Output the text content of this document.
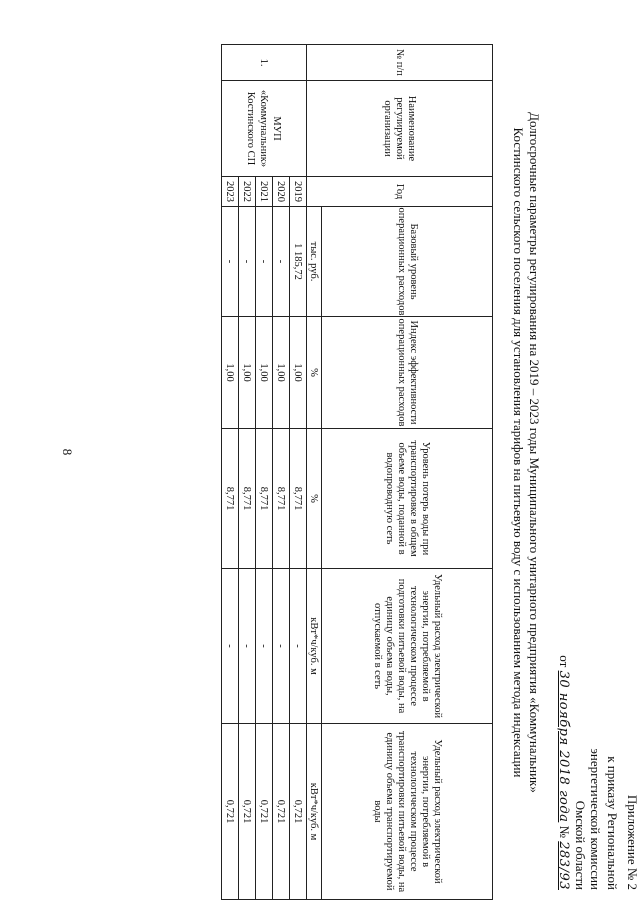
8
Приложение № 2
к приказу Региональной
энергетической комиссии
Омской области
от 30 ноября 2018 года № 283/93
Долгосрочные параметры регулирования на 2019 – 2023 годы Муниципального унитарного предприятия «Коммунальник»
Костинского сельского поселения для установления тарифов на питьевую воду с использованием метода индексации
№ п/п	Наименование регулируемой организации	Год	Базовый уровень операционных расходов	Индекс эффективности операционных расходов	Уровень потерь воды при транспортировке в общем объеме воды, поданной в водопроводную сеть	Удельный расход электрической энергии, потребляемой в технологическом процессе подготовки питьевой воды, на единицу объема воды, отпускаемой в сеть	Удельный расход электрической энергии, потребляемой в технологическом процессе транспортировки питьевой воды, на единицу объема транспортируемой воды
			тыс. руб.	%	%	кВт*ч/куб. м	кВт*ч/куб. м
1.	МУП
«Коммунальник»
Костинского СП	2019	1 185,72	1,00	8,771	-	0,721
		2020	-	1,00	8,771	-	0,721
		2021	-	1,00	8,771	-	0,721
		2022	-	1,00	8,771	-	0,721
		2023	-	1,00	8,771	-	0,721
